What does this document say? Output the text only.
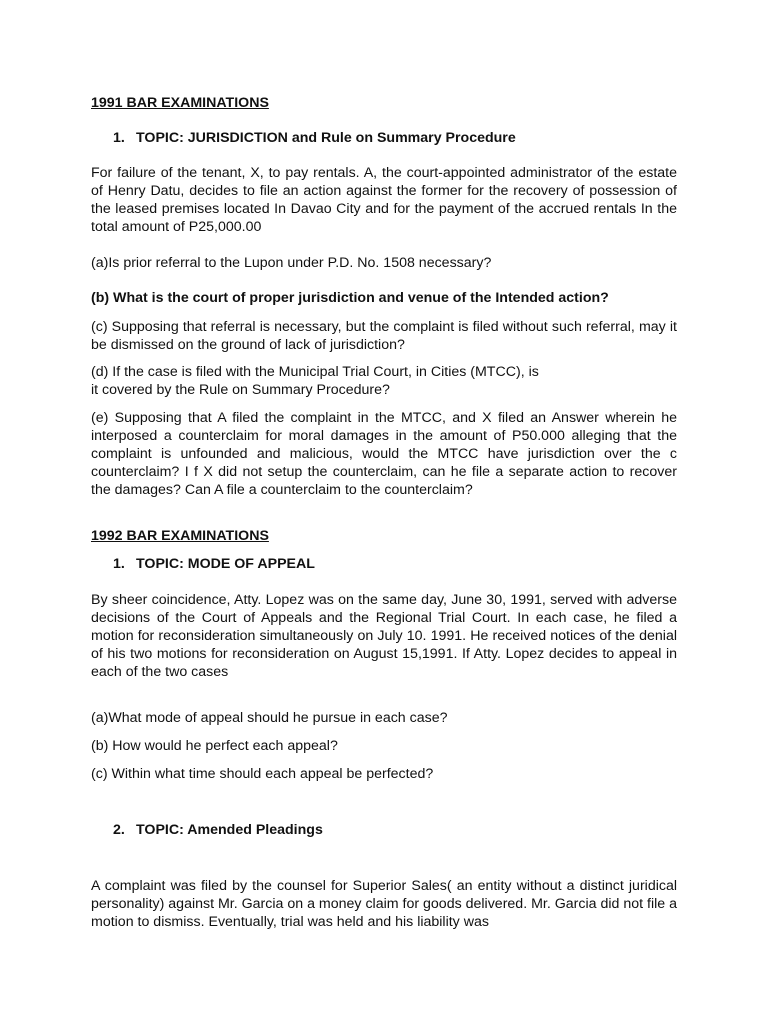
1991 BAR EXAMINATIONS
1. TOPIC: JURISDICTION and Rule on Summary Procedure

For failure of the tenant, X, to pay rentals. A, the court-appointed administrator of the estate of Henry Datu, decides to file an action against the former for the recovery of possession of the leased premises located In Davao City and for the payment of the accrued rentals In the total amount of P25,000.00

(a)Is prior referral to the Lupon under P.D. No. 1508 necessary?

(b) What is the court of proper jurisdiction and venue of the Intended action?

(c) Supposing that referral is necessary, but the complaint is filed without such referral, may it be dismissed on the ground of lack of jurisdiction?

(d) If the case is filed with the Municipal Trial Court, in Cities (MTCC), is

it covered by the Rule on Summary Procedure?

(e) Supposing that A filed the complaint in the MTCC, and X filed an Answer wherein he interposed a counterclaim for moral damages in the amount of P50.000 alleging that the complaint is unfounded and malicious, would the MTCC have jurisdiction over the c counterclaim? I f X did not setup the counterclaim, can he file a separate action to recover the damages? Can A file a counterclaim to the counterclaim?

1992 BAR EXAMINATIONS
1. TOPIC: MODE OF APPEAL

By sheer coincidence, Atty. Lopez was on the same day, June 30, 1991, served with adverse decisions of the Court of Appeals and the Regional Trial Court. In each case, he filed a motion for reconsideration simultaneously on July 10. 1991. He received notices of the denial of his two motions for reconsideration on August 15,1991. If Atty. Lopez decides to appeal in each of the two cases

(a)What mode of appeal should he pursue in each case?

(b) How would he perfect each appeal?

(c) Within what time should each appeal be perfected?

2. TOPIC: Amended Pleadings

A complaint was filed by the counsel for Superior Sales( an entity without a distinct juridical personality) against Mr. Garcia on a money claim for goods delivered. Mr. Garcia did not file a motion to dismiss. Eventually, trial was held and his liability was
